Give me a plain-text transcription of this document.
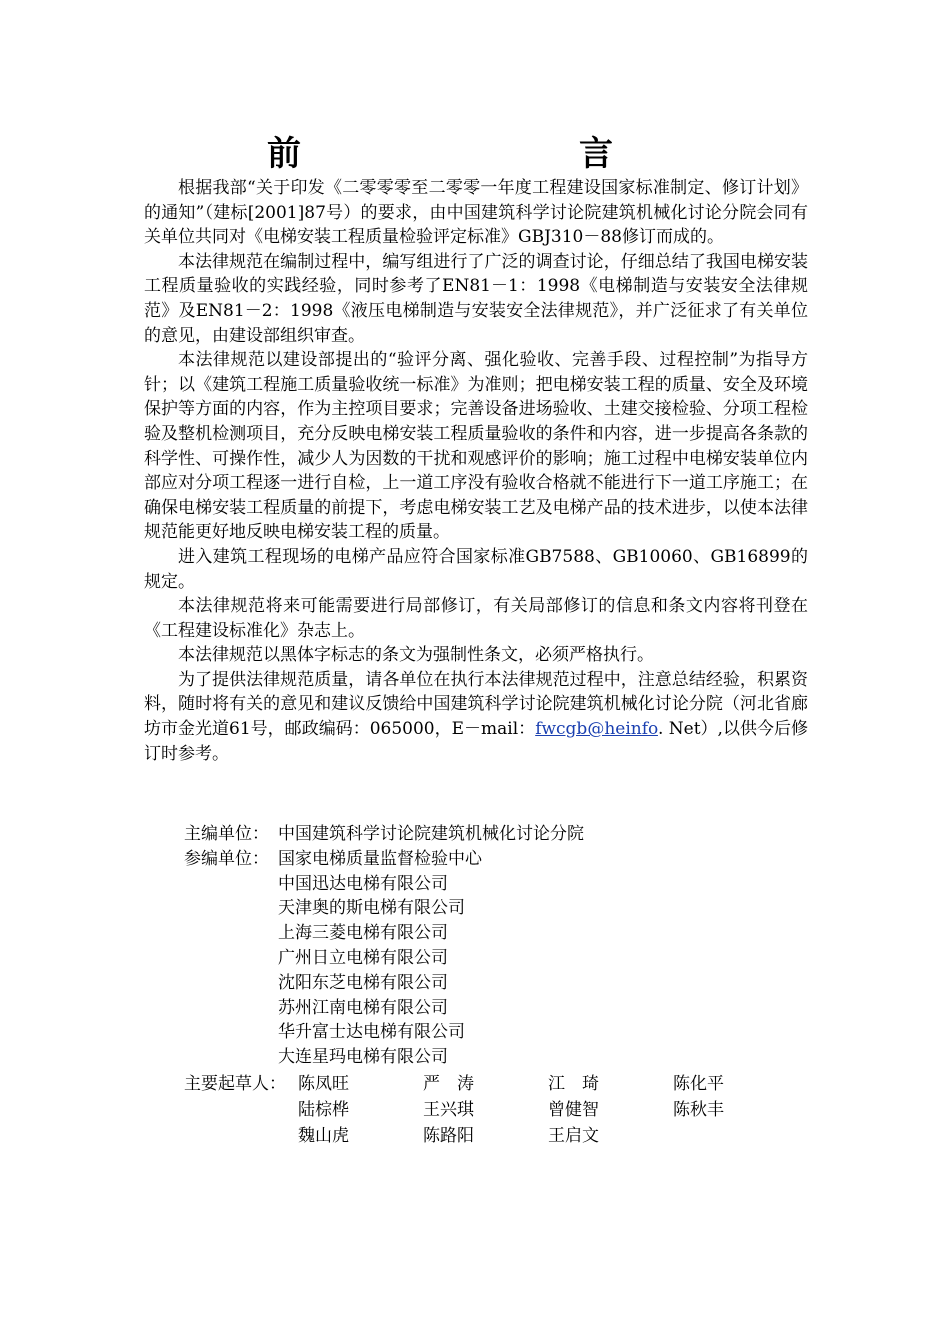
前　　言

根据我部“关于印发《二零零零至二零零一年度工程建设国家标准制定、修订计划》的通知”（建标[2001]87号）的要求，由中国建筑科学讨论院建筑机械化讨论分院会同有关单位共同对《电梯安装工程质量检验评定标准》GBJ310－88修订而成的。

本法律规范在编制过程中，编写组进行了广泛的调查讨论，仔细总结了我国电梯安装工程质量验收的实践经验，同时参考了EN81－1：1998《电梯制造与安装安全法律规范》及EN81－2：1998《液压电梯制造与安装安全法律规范》，并广泛征求了有关单位的意见，由建设部组织审查。

本法律规范以建设部提出的“验评分离、强化验收、完善手段、过程控制”为指导方针；以《建筑工程施工质量验收统一标准》为准则；把电梯安装工程的质量、安全及环境保护等方面的内容，作为主控项目要求；完善设备进场验收、土建交接检验、分项工程检验及整机检测项目，充分反映电梯安装工程质量验收的条件和内容，进一步提高各条款的科学性、可操作性，减少人为因数的干扰和观感评价的影响；施工过程中电梯安装单位内部应对分项工程逐一进行自检，上一道工序没有验收合格就不能进行下一道工序施工；在确保电梯安装工程质量的前提下，考虑电梯安装工艺及电梯产品的技术进步，以使本法律规范能更好地反映电梯安装工程的质量。

进入建筑工程现场的电梯产品应符合国家标准GB7588、GB10060、GB16899的规定。

本法律规范将来可能需要进行局部修订，有关局部修订的信息和条文内容将刊登在《工程建设标准化》杂志上。

本法律规范以黑体字标志的条文为强制性条文，必须严格执行。

为了提供法律规范质量，请各单位在执行本法律规范过程中，注意总结经验，积累资料，随时将有关的意见和建议反馈给中国建筑科学讨论院建筑机械化讨论分院（河北省廊坊市金光道61号，邮政编码：065000，E－mail：fwcgb@heinfo. Net）,以供今后修订时参考。

主编单位： 中国建筑科学讨论院建筑机械化讨论分院
参编单位： 国家电梯质量监督检验中心
中国迅达电梯有限公司
天津奥的斯电梯有限公司
上海三菱电梯有限公司
广州日立电梯有限公司
沈阳东芝电梯有限公司
苏州江南电梯有限公司
华升富士达电梯有限公司
大连星玛电梯有限公司
主要起草人： 陈凤旺	严　涛	江　琦	陈化平
陆棕桦	王兴琪	曾健智	陈秋丰
魏山虎	陈路阳	王启文
